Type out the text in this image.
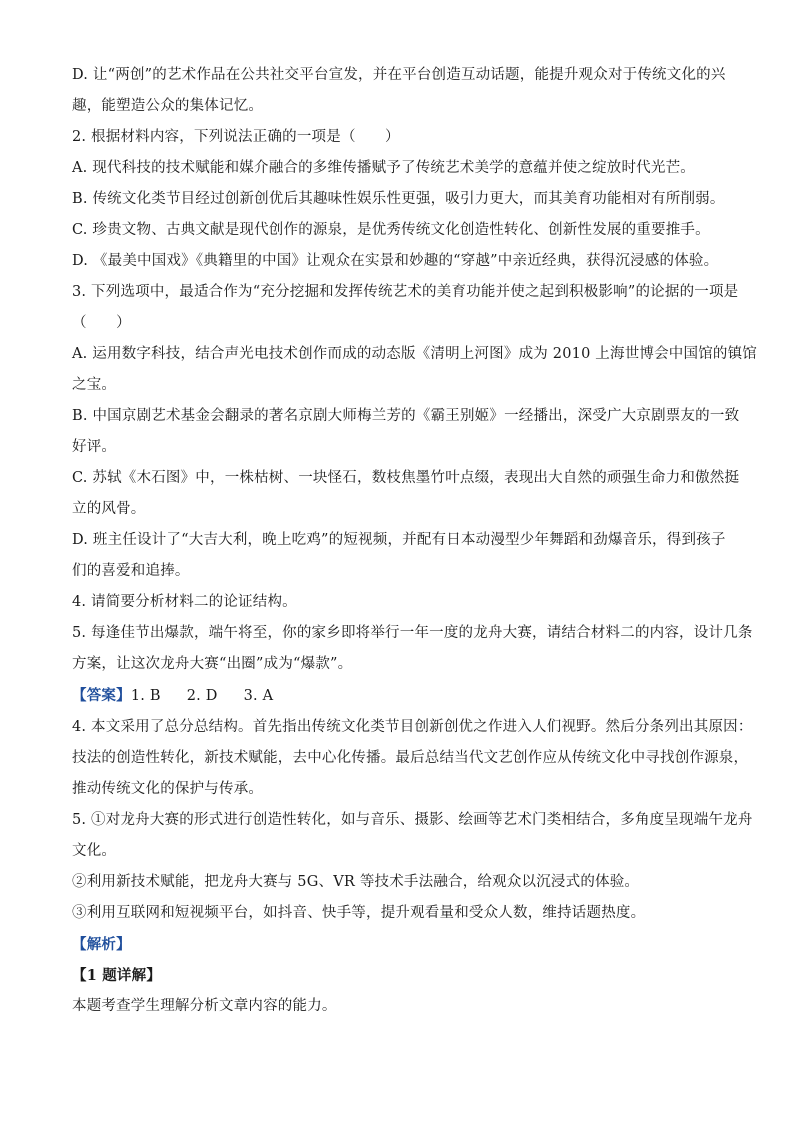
D. 让“两创”的艺术作品在公共社交平台宣发，并在平台创造互动话题，能提升观众对于传统文化的兴
趣，能塑造公众的集体记忆。
2. 根据材料内容，下列说法正确的一项是（　　）
A. 现代科技的技术赋能和媒介融合的多维传播赋予了传统艺术美学的意蕴并使之绽放时代光芒。
B. 传统文化类节目经过创新创优后其趣味性娱乐性更强，吸引力更大，而其美育功能相对有所削弱。
C. 珍贵文物、古典文献是现代创作的源泉，是优秀传统文化创造性转化、创新性发展的重要推手。
D. 《最美中国戏》《典籍里的中国》让观众在实景和妙趣的“穿越”中亲近经典，获得沉浸感的体验。
3. 下列选项中，最适合作为“充分挖掘和发挥传统艺术的美育功能并使之起到积极影响”的论据的一项是
（　　）
A. 运用数字科技，结合声光电技术创作而成的动态版《清明上河图》成为 2010 上海世博会中国馆的镇馆
之宝。
B. 中国京剧艺术基金会翻录的著名京剧大师梅兰芳的《霸王别姬》一经播出，深受广大京剧票友的一致
好评。
C. 苏轼《木石图》中，一株枯树、一块怪石，数枝焦墨竹叶点缀，表现出大自然的顽强生命力和傲然挺
立的风骨。
D. 班主任设计了“大吉大利，晚上吃鸡”的短视频，并配有日本动漫型少年舞蹈和劲爆音乐，得到孩子
们的喜爱和追捧。
4. 请简要分析材料二的论证结构。
5. 每逢佳节出爆款，端午将至，你的家乡即将举行一年一度的龙舟大赛，请结合材料二的内容，设计几条
方案，让这次龙舟大赛“出圈”成为“爆款”。
【答案】1. B 2. D 3. A
4. 本文采用了总分总结构。首先指出传统文化类节目创新创优之作进入人们视野。然后分条列出其原因：
技法的创造性转化，新技术赋能，去中心化传播。最后总结当代文艺创作应从传统文化中寻找创作源泉，
推动传统文化的保护与传承。
5. ①对龙舟大赛的形式进行创造性转化，如与音乐、摄影、绘画等艺术门类相结合，多角度呈现端午龙舟
文化。
②利用新技术赋能，把龙舟大赛与 5G、VR 等技术手法融合，给观众以沉浸式的体验。
③利用互联网和短视频平台，如抖音、快手等，提升观看量和受众人数，维持话题热度。
【解析】
【1 题详解】
本题考查学生理解分析文章内容的能力。
